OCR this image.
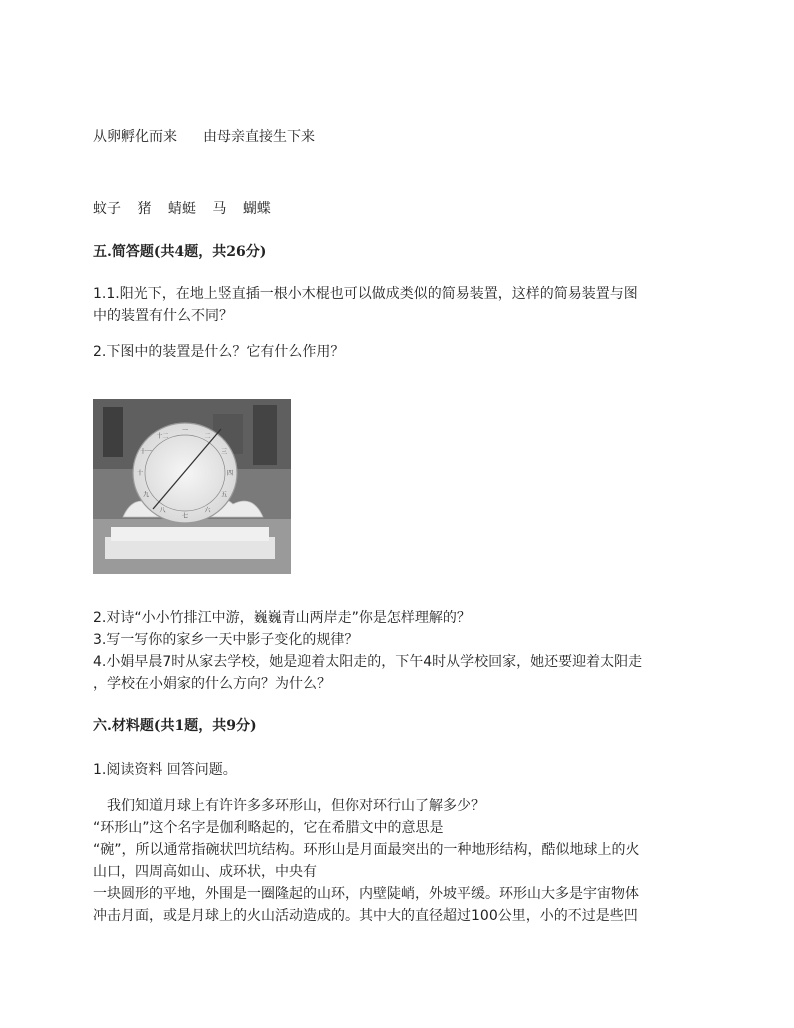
从卵孵化而来 由母亲直接生下来
蚊子 猪 蜻蜓 马 蝴蝶
五.简答题(共4题，共26分)
1.1.阳光下，在地上竖直插一根小木棍也可以做成类似的简易装置，这样的简易装置与图
中的装置有什么不同？
2.下图中的装置是什么？它有什么作用？
一
二
三
四
五
六
七
八
九
十
十一
十二
2.对诗“小小竹排江中游，巍巍青山两岸走”你是怎样理解的？
3.写一写你的家乡一天中影子变化的规律？
4.小娟早晨7时从家去学校，她是迎着太阳走的，下午4时从学校回家，她还要迎着太阳走
，学校在小娟家的什么方向？为什么？
六.材料题(共1题，共9分)
1.阅读资料 回答问题。
我们知道月球上有许许多多环形山，但你对环行山了解多少？
“环形山”这个名字是伽利略起的，它在希腊文中的意思是
“碗”，所以通常指碗状凹坑结构。环形山是月面最突出的一种地形结构，酷似地球上的火
山口，四周高如山、成环状，中央有
一块圆形的平地，外围是一圈隆起的山环，内壁陡峭，外坡平缓。环形山大多是宇宙物体
冲击月面，或是月球上的火山活动造成的。其中大的直径超过100公里，小的不过是些凹
